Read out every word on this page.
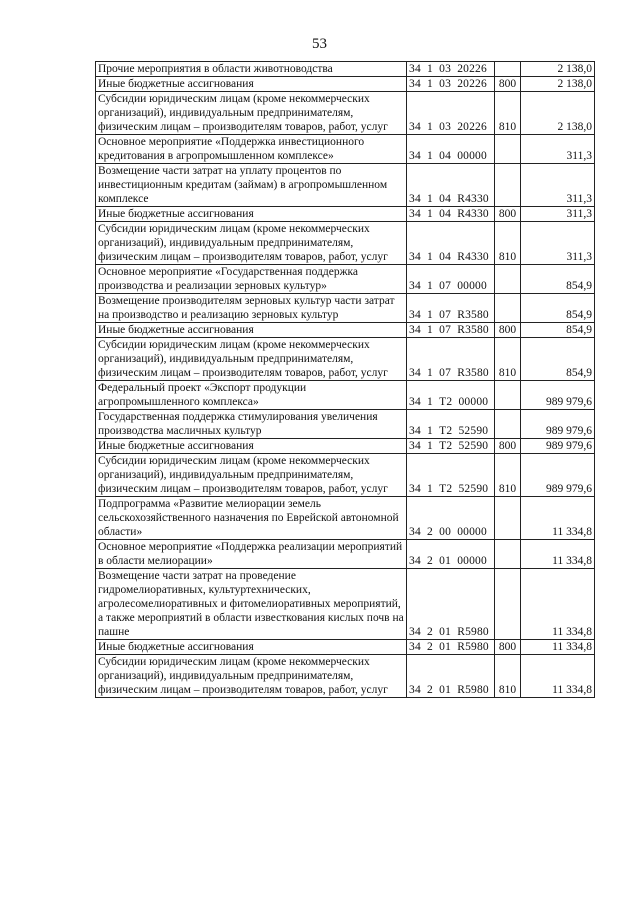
53
Прочие мероприятия в области животноводства	34  1  03  20226		2 138,0
Иные бюджетные ассигнования	34  1  03  20226	800	2 138,0
Субсидии юридическим лицам (кроме некоммерческих организаций), индивидуальным предпринимателям, физическим лицам – производителям товаров, работ, услуг	34  1  03  20226	810	2 138,0
Основное мероприятие «Поддержка инвестиционного кредитования в агропромышленном комплексе»	34  1  04  00000		311,3
Возмещение части затрат на уплату процентов по инвестиционным кредитам (займам) в агропромышленном комплексе	34  1  04  R4330		311,3
Иные бюджетные ассигнования	34  1  04  R4330	800	311,3
Субсидии юридическим лицам (кроме некоммерческих организаций), индивидуальным предпринимателям, физическим лицам – производителям товаров, работ, услуг	34  1  04  R4330	810	311,3
Основное мероприятие «Государственная поддержка производства и реализации зерновых культур»	34  1  07  00000		854,9
Возмещение производителям зерновых культур части затрат на производство и реализацию зерновых культур	34  1  07  R3580		854,9
Иные бюджетные ассигнования	34  1  07  R3580	800	854,9
Субсидии юридическим лицам (кроме некоммерческих организаций), индивидуальным предпринимателям, физическим лицам – производителям товаров, работ, услуг	34  1  07  R3580	810	854,9
Федеральный проект «Экспорт продукции агропромышленного комплекса»	34  1  Т2  00000		989 979,6
Государственная поддержка стимулирования увеличения производства масличных культур	34  1  Т2  52590		989 979,6
Иные бюджетные ассигнования	34  1  Т2  52590	800	989 979,6
Субсидии юридическим лицам (кроме некоммерческих организаций), индивидуальным предпринимателям, физическим лицам – производителям товаров, работ, услуг	34  1  Т2  52590	810	989 979,6
Подпрограмма «Развитие мелиорации земель сельскохозяйственного назначения по Еврейской автономной области»	34  2  00  00000		11 334,8
Основное мероприятие «Поддержка реализации мероприятий в области мелиорации»	34  2  01  00000		11 334,8
Возмещение части затрат на проведение гидромелиоративных, культуртехнических, агролесомелиоративных и фитомелиоративных мероприятий, а также мероприятий в области известкования кислых почв на пашне	34  2  01  R5980		11 334,8
Иные бюджетные ассигнования	34  2  01  R5980	800	11 334,8
Субсидии юридическим лицам (кроме некоммерческих организаций), индивидуальным предпринимателям, физическим лицам – производителям товаров, работ, услуг	34  2  01  R5980	810	11 334,8
